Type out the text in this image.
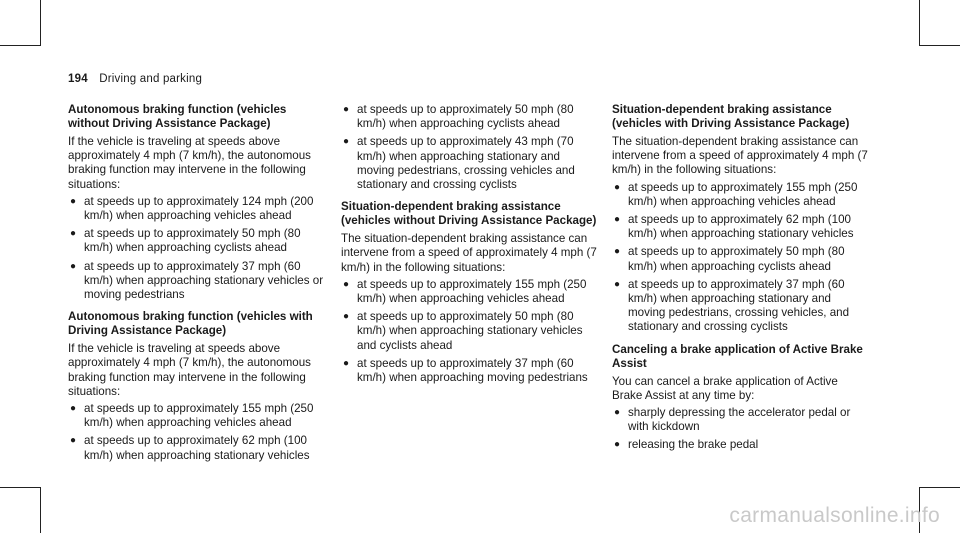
194 Driving and parking
Autonomous braking function (vehicles without Driving Assistance Package)

If the vehicle is traveling at speeds above approximately 4 mph (7 km/h), the autonomous braking function may intervene in the following situations:

● at speeds up to approximately 124 mph (200 km/h) when approaching vehicles ahead
● at speeds up to approximately 50 mph (80 km/h) when approaching cyclists ahead
● at speeds up to approximately 37 mph (60 km/h) when approaching stationary vehicles or moving pedestrians
Autonomous braking function (vehicles with Driving Assistance Package)

If the vehicle is traveling at speeds above approximately 4 mph (7 km/h), the autonomous braking function may intervene in the following situations:

● at speeds up to approximately 155 mph (250 km/h) when approaching vehicles ahead
● at speeds up to approximately 62 mph (100 km/h) when approaching stationary vehicles
● at speeds up to approximately 50 mph (80 km/h) when approaching cyclists ahead
● at speeds up to approximately 43 mph (70 km/h) when approaching stationary and moving pedestrians, crossing vehicles and stationary and crossing cyclists
Situation-dependent braking assistance (vehicles without Driving Assistance Package)

The situation-dependent braking assistance can intervene from a speed of approximately 4 mph (7 km/h) in the following situations:

● at speeds up to approximately 155 mph (250 km/h) when approaching vehicles ahead
● at speeds up to approximately 50 mph (80 km/h) when approaching stationary vehicles and cyclists ahead
● at speeds up to approximately 37 mph (60 km/h) when approaching moving pedestrians
Situation-dependent braking assistance (vehicles with Driving Assistance Package)

The situation-dependent braking assistance can intervene from a speed of approximately 4 mph (7 km/h) in the following situations:

● at speeds up to approximately 155 mph (250 km/h) when approaching vehicles ahead
● at speeds up to approximately 62 mph (100 km/h) when approaching stationary vehicles
● at speeds up to approximately 50 mph (80 km/h) when approaching cyclists ahead
● at speeds up to approximately 37 mph (60 km/h) when approaching stationary and moving pedestrians, crossing vehicles, and stationary and crossing cyclists
Canceling a brake application of Active Brake Assist

You can cancel a brake application of Active Brake Assist at any time by:

● sharply depressing the accelerator pedal or with kickdown
● releasing the brake pedal
carmanualsonline.info
